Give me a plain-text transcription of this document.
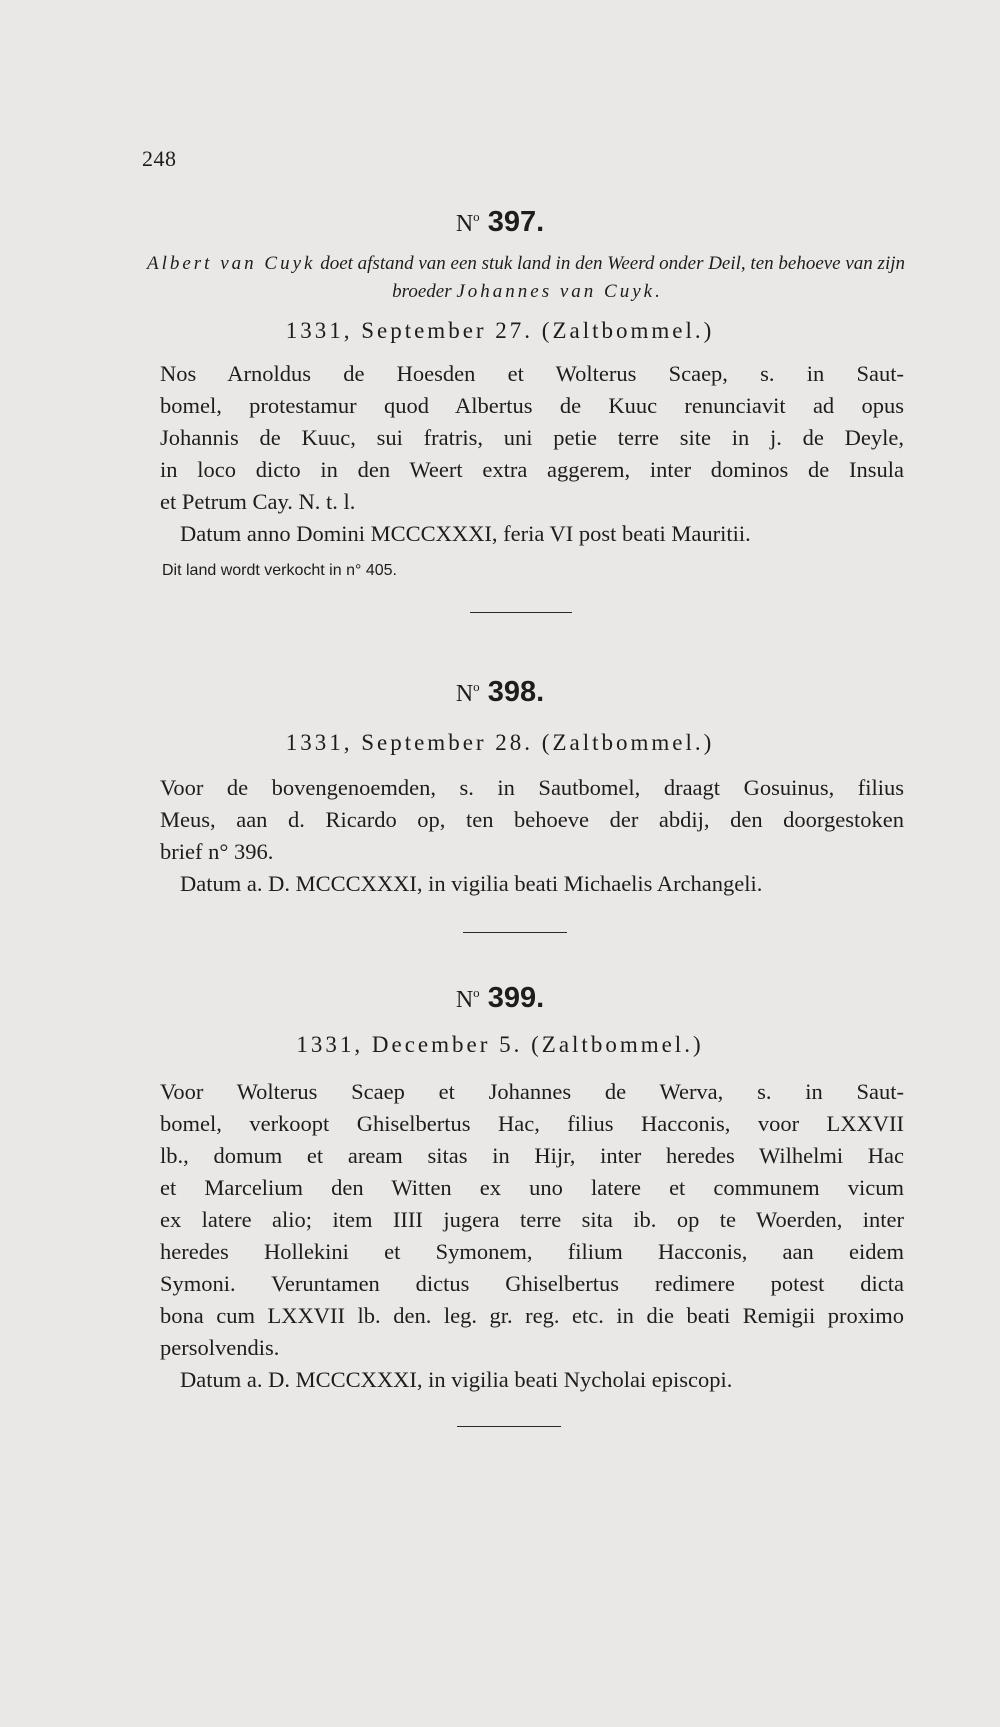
248
$N^o$ 397.
Albert van Cuyk doet afstand van een stuk land in den Weerd onder Deil, ten behoeve van zijn broeder Johannes van Cuyk.
1331, September 27. (Zaltbommel.)
Nos Arnoldus de Hoesden et Wolterus Scaep, s. in Saut-
bomel, protestamur quod Albertus de Kuuc renunciavit ad opus
Johannis de Kuuc, sui fratris, uni petie terre site in j. de Deyle,
in loco dicto in den Weert extra aggerem, inter dominos de Insula
et Petrum Cay. N. t. l.
Datum anno Domini MCCCXXXI, feria VI post beati Mauritii.
Dit land wordt verkocht in n° 405.
$N^o$ 398.
1331, September 28. (Zaltbommel.)
Voor de bovengenoemden, s. in Sautbomel, draagt Gosuinus, filius
Meus, aan d. Ricardo op, ten behoeve der abdij, den doorgestoken
brief n° 396.
Datum a. D. MCCCXXXI, in vigilia beati Michaelis Archangeli.
$N^o$ 399.
1331, December 5. (Zaltbommel.)
Voor Wolterus Scaep et Johannes de Werva, s. in Saut-
bomel, verkoopt Ghiselbertus Hac, filius Hacconis, voor LXXVII
lb., domum et aream sitas in Hijr, inter heredes Wilhelmi Hac
et Marcelium den Witten ex uno latere et communem vicum
ex latere alio; item IIII jugera terre sita ib. op te Woerden, inter
heredes Hollekini et Symonem, filium Hacconis, aan eidem
Symoni. Veruntamen dictus Ghiselbertus redimere potest dicta
bona cum LXXVII lb. den. leg. gr. reg. etc. in die beati Remigii proximo
persolvendis.
Datum a. D. MCCCXXXI, in vigilia beati Nycholai episcopi.
